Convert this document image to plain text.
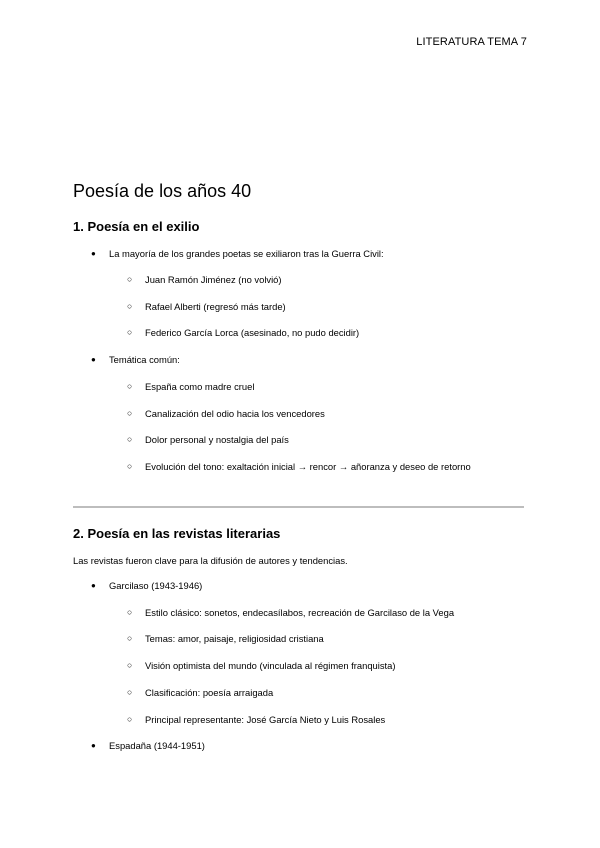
LITERATURA TEMA 7
Poesía de los años 40
1. Poesía en el exilio
● La mayoría de los grandes poetas se exiliaron tras la Guerra Civil:
○ Juan Ramón Jiménez (no volvió)
○ Rafael Alberti (regresó más tarde)
○ Federico García Lorca (asesinado, no pudo decidir)
● Temática común:
○ España como madre cruel
○ Canalización del odio hacia los vencedores
○ Dolor personal y nostalgia del país
○ Evolución del tono: exaltación inicial → rencor → añoranza y deseo de retorno
2. Poesía en las revistas literarias
Las revistas fueron clave para la difusión de autores y tendencias.
● Garcilaso (1943-1946)
○ Estilo clásico: sonetos, endecasílabos, recreación de Garcilaso de la Vega
○ Temas: amor, paisaje, religiosidad cristiana
○ Visión optimista del mundo (vinculada al régimen franquista)
○ Clasificación: poesía arraigada
○ Principal representante: José García Nieto y Luis Rosales
● Espadaña (1944-1951)
